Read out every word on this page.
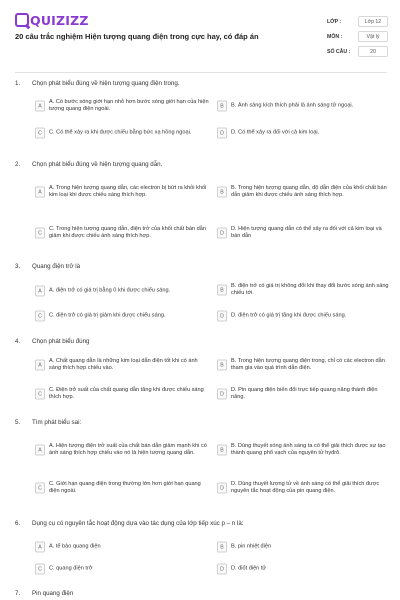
QUIZIZZ
20 câu trắc nghiệm Hiện tượng quang điện trong cực hay, có đáp án
LỚP :	Lớp 12
MÔN :	Vật lý
SỐ CÂU :	20
1. Chọn phát biểu đúng về hiện tượng quang điện trong.
A
A. Có bước sóng giới hạn nhỏ hơn bước sóng giới hạn của hiện tượng quang điện ngoài.	B	B. Ánh sáng kích thích phải là ánh sáng tử ngoại.
C	C. Có thể xảy ra khi được chiếu bằng bức xạ hồng ngoại.	D	D. Có thể xảy ra đối với cả kim loại.
2. Chọn phát biểu đúng về hiện tượng quang dẫn.
A
A. Trong hiện tượng quang dẫn, các electron bị bứt ra khỏi khối kim loại khi được chiếu sáng thích hợp.	B
B. Trong hiện tượng quang dẫn, độ dẫn điện của khối chất bán dẫn giảm khi được chiếu ánh sáng thích hợp.
C
C. Trong hiện tượng quang dẫn, điện trở của khối chất bán dẫn giảm khi được chiếu ánh sáng thích hợp.	D
D. Hiện tượng quang dẫn có thể xảy ra đối với cả kim loại và bán dẫn
3. Quang điện trở là
A	A. điện trở có giá trị bằng 0 khi được chiếu sáng.	B
B. điện trở có giá trị không đổi khi thay đổi bước sóng ánh sáng chiếu tới.
C	C. điện trở có giá trị giảm khi được chiếu sáng.	D	D. điện trở có giá trị tăng khi được chiếu sáng.
4. Chọn phát biểu đúng
A
A. Chất quang dẫn là những kim loại dẫn điện tốt khi có ánh sáng thích hợp chiếu vào.	B
B. Trong hiện tượng quang điện trong, chỉ có các electron dẫn tham gia vào quá trình dẫn điện.
C
C. Điện trở suất của chất quang dẫn tăng khi được chiếu sáng thích hợp.	D
D. Pin quang điện biến đổi trực tiếp quang năng thành điện năng.
5. Tìm phát biểu sai:
A
A. Hiện tượng điện trở suất của chất bán dẫn giảm mạnh khi có ánh sáng thích hợp chiếu vào nó là hiện tượng quang dẫn.	B
B. Dùng thuyết sóng ánh sáng ta có thể giải thích được sự tạo thành quang phổ vạch của nguyên tử hyđrô.
C
C. Giới hạn quang điện trong thường lớn hơn giới hạn quang điện ngoài.	D
D. Dùng thuyết lượng tử về ánh sáng có thể giải thích được nguyên tắc hoạt động của pin quang điện.
6. Dụng cụ có nguyên tắc hoạt động dựa vào tác dụng của lớp tiếp xúc p – n là:
A	A. tế bào quang điện	B	B. pin nhiệt điện
C	C. quang điện trở	D	D. điốt điện tử
7. Pin quang điện
